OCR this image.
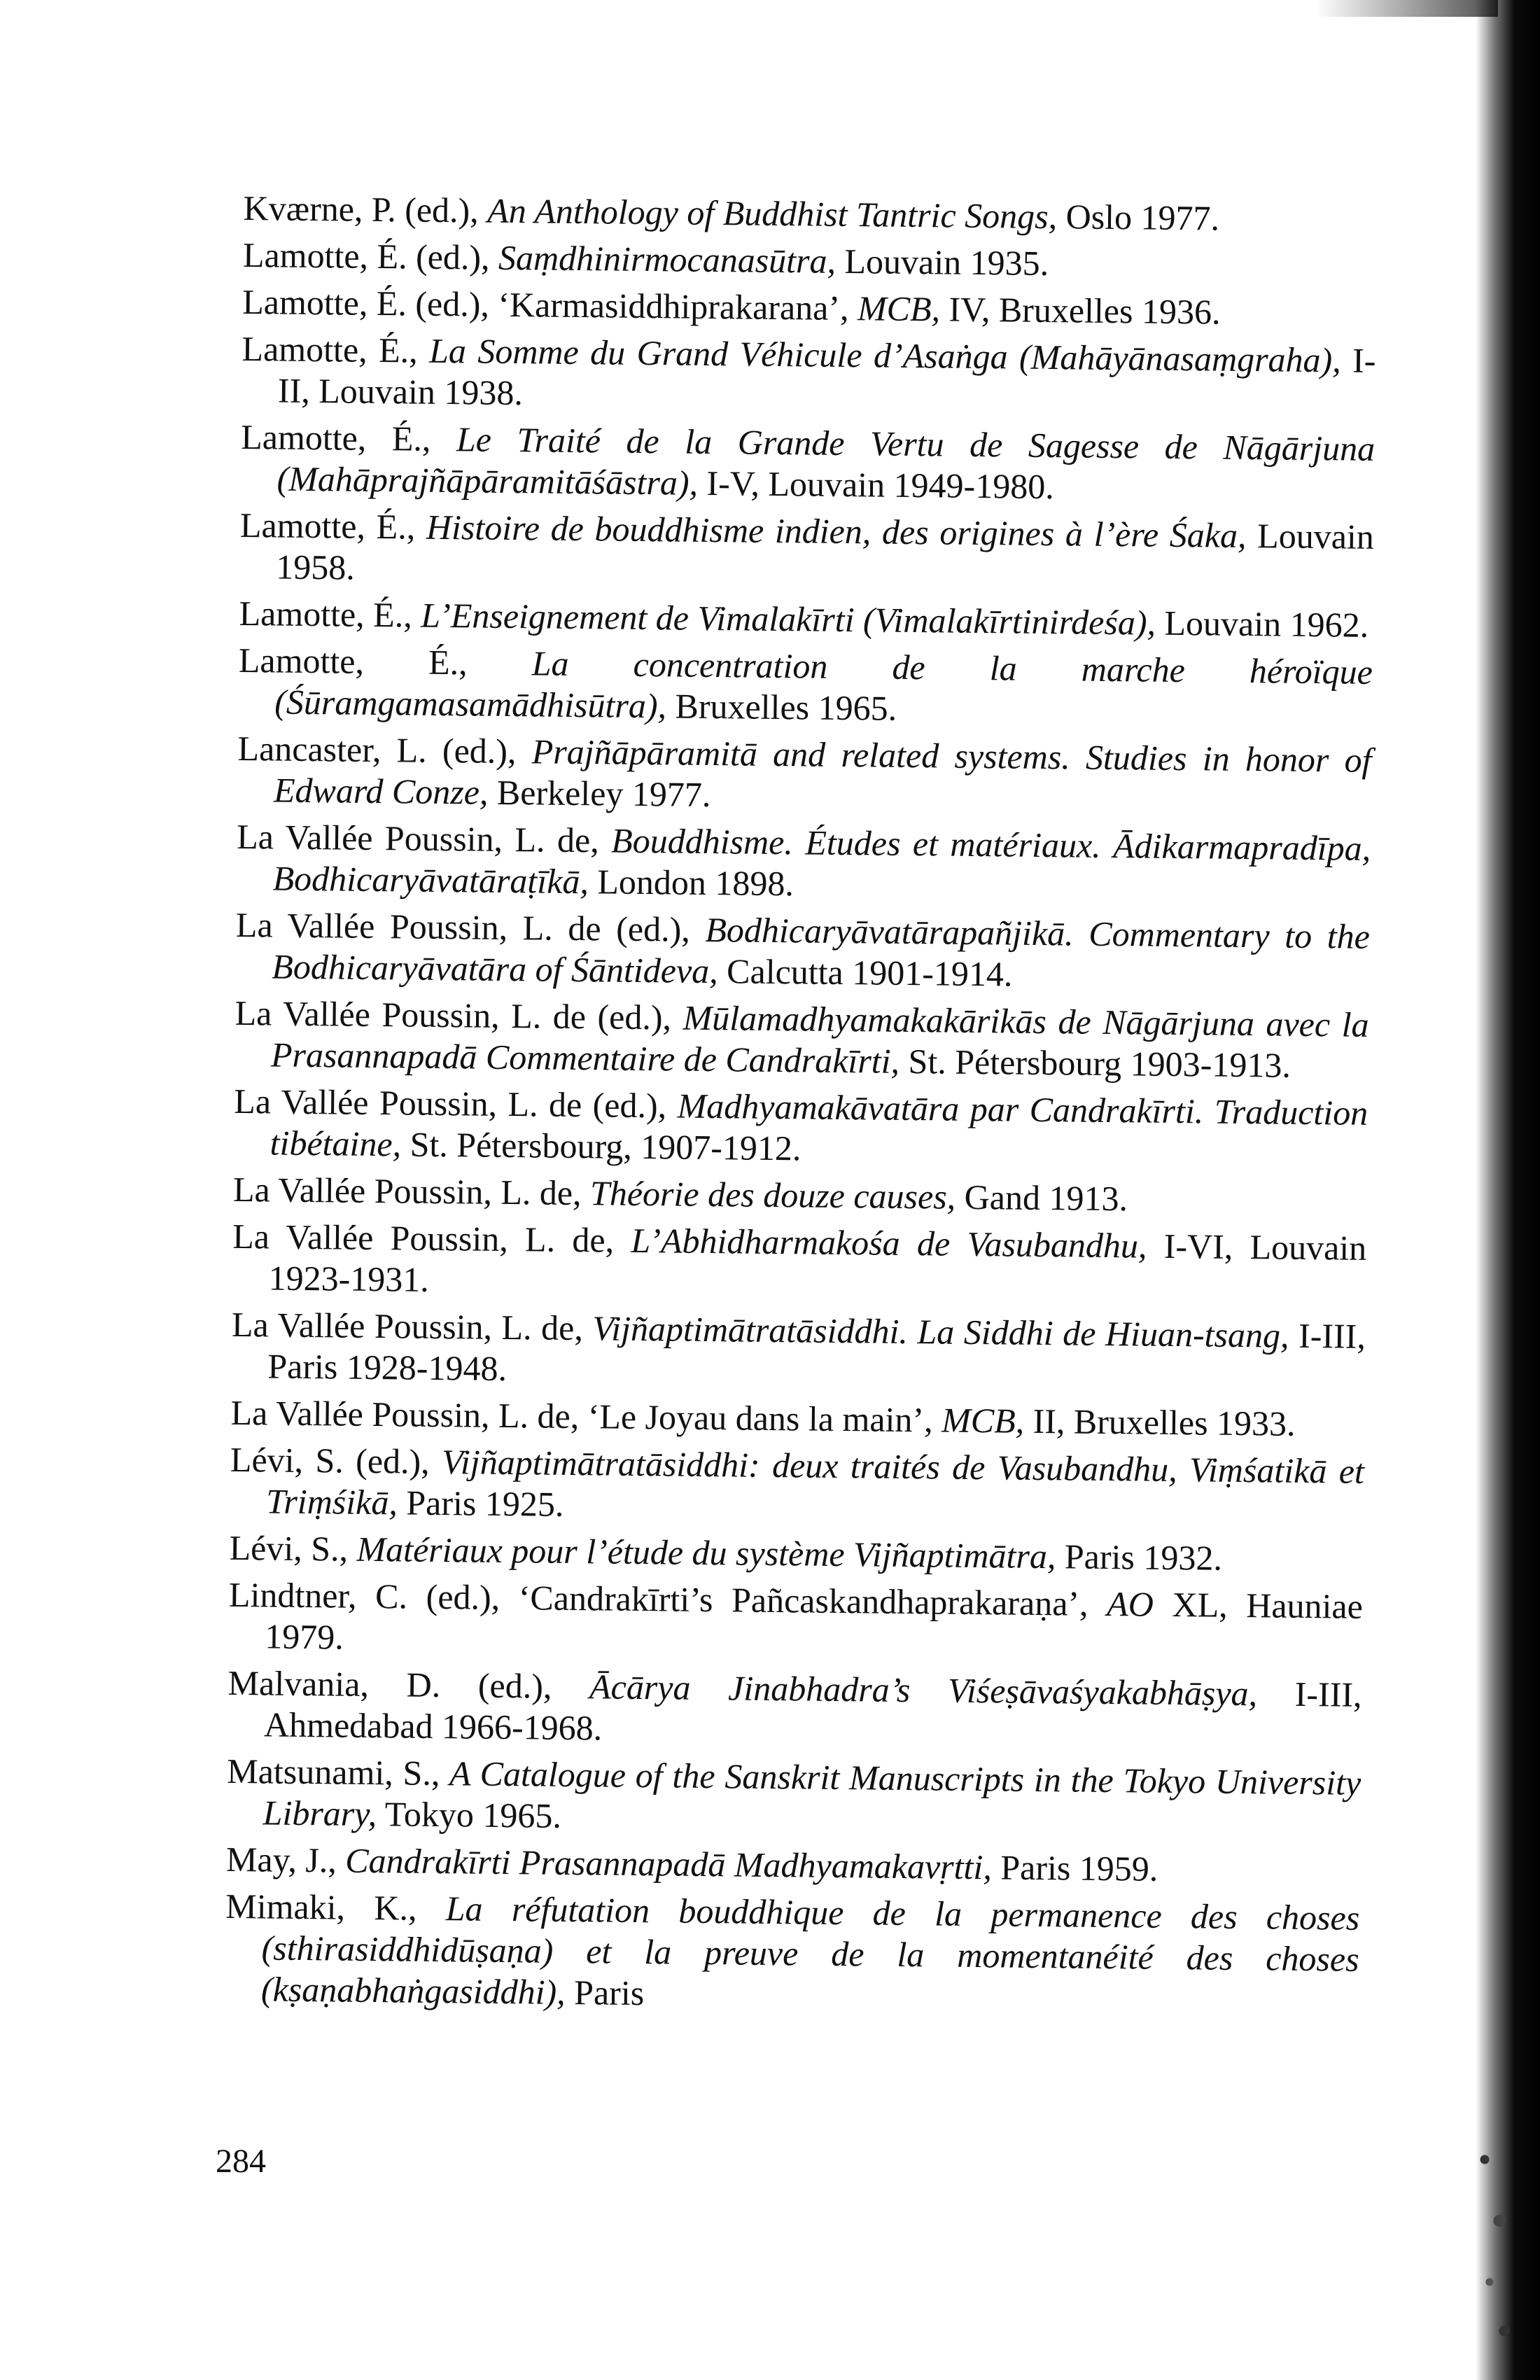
Kværne, P. (ed.), An Anthology of Buddhist Tantric Songs, Oslo 1977.

Lamotte, É. (ed.), Saṃdhinirmocanasūtra, Louvain 1935.

Lamotte, É. (ed.), ‘Karmasiddhiprakarana’, MCB, IV, Bruxelles 1936.

Lamotte, É., La Somme du Grand Véhicule d’Asaṅga (Mahāyānasaṃgraha), I-II, Louvain 1938.

Lamotte, É., Le Traité de la Grande Vertu de Sagesse de Nāgārjuna (Mahāprajñāpāramitāśāstra), I-V, Louvain 1949-1980.

Lamotte, É., Histoire de bouddhisme indien, des origines à l’ère Śaka, Louvain 1958.

Lamotte, É., L’Enseignement de Vimalakīrti (Vimalakīrtinirdeśa), Louvain 1962.

Lamotte, É., La concentration de la marche héroïque (Śūramgamasamādhisūtra), Bruxelles 1965.

Lancaster, L. (ed.), Prajñāpāramitā and related systems. Studies in honor of Edward Conze, Berkeley 1977.

La Vallée Poussin, L. de, Bouddhisme. Études et matériaux. Ādikarmapradīpa, Bodhicaryāvatāraṭīkā, London 1898.

La Vallée Poussin, L. de (ed.), Bodhicaryāvatārapañjikā. Commentary to the Bodhicaryāvatāra of Śāntideva, Calcutta 1901-1914.

La Vallée Poussin, L. de (ed.), Mūlamadhyamakakārikās de Nāgārjuna avec la Prasannapadā Commentaire de Candrakīrti, St. Pétersbourg 1903-1913.

La Vallée Poussin, L. de (ed.), Madhyamakāvatāra par Candrakīrti. Traduction tibétaine, St. Pétersbourg, 1907-1912.

La Vallée Poussin, L. de, Théorie des douze causes, Gand 1913.

La Vallée Poussin, L. de, L’Abhidharmakośa de Vasubandhu, I-VI, Louvain 1923-1931.

La Vallée Poussin, L. de, Vijñaptimātratāsiddhi. La Siddhi de Hiuan-tsang, I-III, Paris 1928-1948.

La Vallée Poussin, L. de, ‘Le Joyau dans la main’, MCB, II, Bruxelles 1933.

Lévi, S. (ed.), Vijñaptimātratāsiddhi: deux traités de Vasubandhu, Viṃśatikā et Triṃśikā, Paris 1925.

Lévi, S., Matériaux pour l’étude du système Vijñaptimātra, Paris 1932.

Lindtner, C. (ed.), ‘Candrakīrti’s Pañcaskandhaprakaraṇa’, AO XL, Hauniae 1979.

Malvania, D. (ed.), Ācārya Jinabhadra’s Viśeṣāvaśyakabhāṣya, I-III, Ahmedabad 1966-1968.

Matsunami, S., A Catalogue of the Sanskrit Manuscripts in the Tokyo University Library, Tokyo 1965.

May, J., Candrakīrti Prasannapadā Madhyamakavṛtti, Paris 1959.

Mimaki, K., La réfutation bouddhique de la permanence des choses (sthirasiddhidūṣaṇa) et la preuve de la momentanéité des choses (kṣaṇabhaṅgasiddhi), Paris

284
